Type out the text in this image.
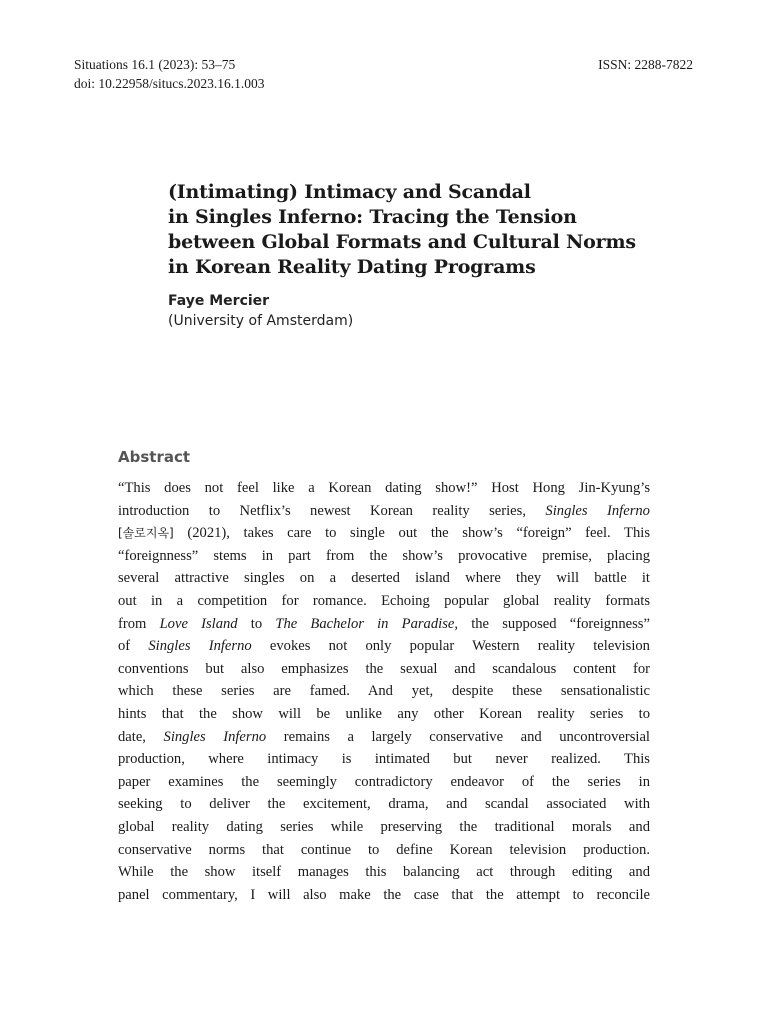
Situations 16.1 (2023): 53–75
doi: 10.22958/situcs.2023.16.1.003
ISSN: 2288-7822
(Intimating) Intimacy and Scandal
in Singles Inferno: Tracing the Tension
between Global Formats and Cultural Norms
in Korean Reality Dating Programs
Faye Mercier
(University of Amsterdam)
Abstract
“This does not feel like a Korean dating show!” Host Hong Jin-Kyung’s
introduction to Netflix’s newest Korean reality series, Singles Inferno
[솔로지옥] (2021), takes care to single out the show’s “foreign” feel. This
“foreignness” stems in part from the show’s provocative premise, placing
several attractive singles on a deserted island where they will battle it
out in a competition for romance. Echoing popular global reality formats
from Love Island to The Bachelor in Paradise, the supposed “foreignness”
of Singles Inferno evokes not only popular Western reality television
conventions but also emphasizes the sexual and scandalous content for
which these series are famed. And yet, despite these sensationalistic
hints that the show will be unlike any other Korean reality series to
date, Singles Inferno remains a largely conservative and uncontroversial
production, where intimacy is intimated but never realized. This
paper examines the seemingly contradictory endeavor of the series in
seeking to deliver the excitement, drama, and scandal associated with
global reality dating series while preserving the traditional morals and
conservative norms that continue to define Korean television production.
While the show itself manages this balancing act through editing and
panel commentary, I will also make the case that the attempt to reconcile
